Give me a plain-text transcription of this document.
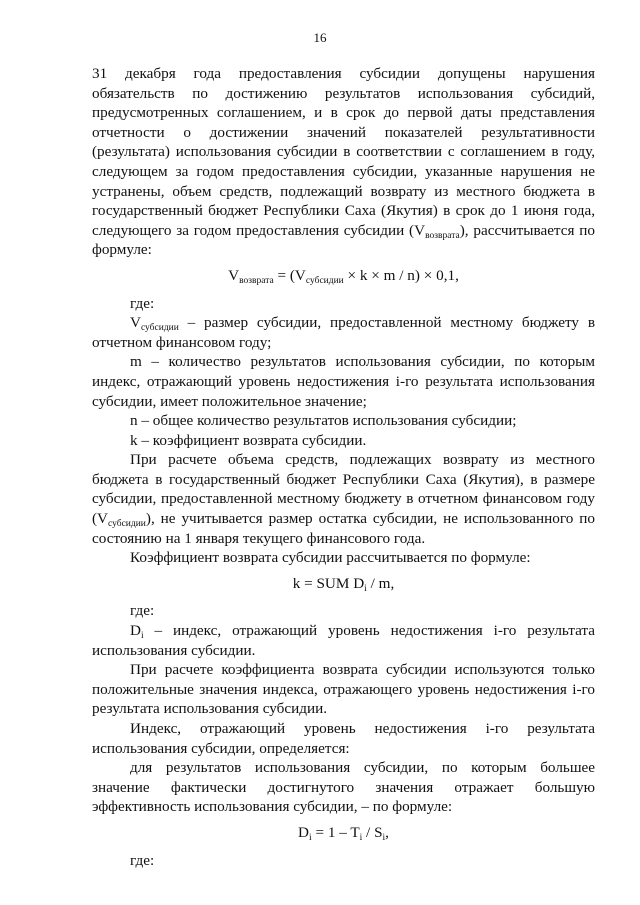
16

31 декабря года предоставления субсидии допущены нарушения обязательств по достижению результатов использования субсидий, предусмотренных соглашением, и в срок до первой даты представления отчетности о достижении значений показателей результативности (результата) использования субсидии в соответствии с соглашением в году, следующем за годом предоставления субсидии, указанные нарушения не устранены, объем средств, подлежащий возврату из местного бюджета в государственный бюджет Республики Саха (Якутия) в срок до 1 июня года, следующего за годом предоставления субсидии $(V_{возврата})$, рассчитывается по формуле:

$V_{возврата} = (V_{субсидии} \times k \times m / n) \times 0,1$,

где:

$V_{субсидии}$ – размер субсидии, предоставленной местному бюджету в отчетном финансовом году;

m – количество результатов использования субсидии, по которым индекс, отражающий уровень недостижения i-го результата использования субсидии, имеет положительное значение;

n – общее количество результатов использования субсидии;

k – коэффициент возврата субсидии.

При расчете объема средств, подлежащих возврату из местного бюджета в государственный бюджет Республики Саха (Якутия), в размере субсидии, предоставленной местному бюджету в отчетном финансовом году $(V_{субсидии})$, не учитывается размер остатка субсидии, не использованного по состоянию на 1 января текущего финансового года.

Коэффициент возврата субсидии рассчитывается по формуле:

k = SUM $D_i$ / m,

где:

$D_i$ – индекс, отражающий уровень недостижения i-го результата использования субсидии.

При расчете коэффициента возврата субсидии используются только положительные значения индекса, отражающего уровень недостижения i-го результата использования субсидии.

Индекс, отражающий уровень недостижения i-го результата использования субсидии, определяется:

для результатов использования субсидии, по которым большее значение фактически достигнутого значения отражает большую эффективность использования субсидии, – по формуле:

$D_i = 1 - T_i / S_i$,

где:
